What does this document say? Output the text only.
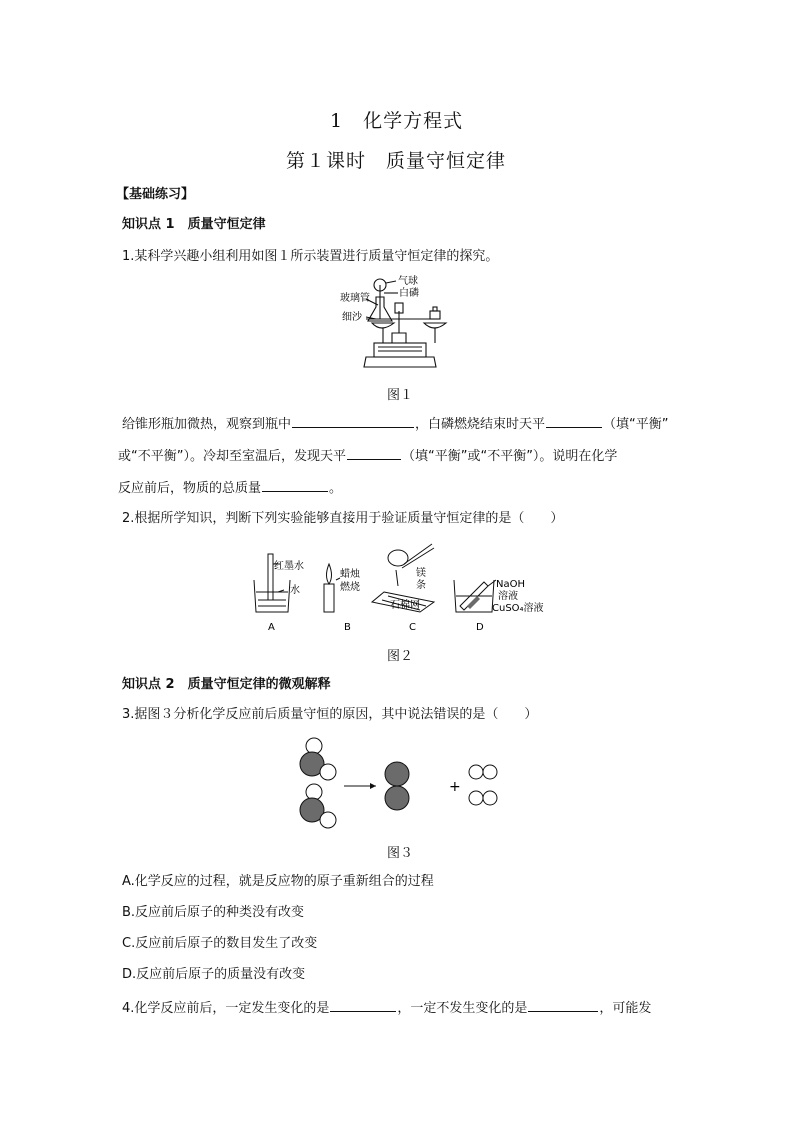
1　化学方程式
第１课时　质量守恒定律
【基础练习】
知识点 1　质量守恒定律
1.某科学兴趣小组利用如图１所示装置进行质量守恒定律的探究。
气球
白磷
玻璃管
细沙
图１
给锥形瓶加微热，观察到瓶中	，白磷燃烧结束时天平	（填“平衡”
或“不平衡”）。冷却至室温后，发现天平	（填“平衡”或“不平衡”）。说明在化学
反应前后，物质的总质量	。
2.根据所学知识，判断下列实验能够直接用于验证质量守恒定律的是（　　）
红墨水
水
A
蜡烛
燃烧
B
镁
条
石棉网
C
NaOH
溶液
CuSO₄溶液
D
图２
知识点 2　质量守恒定律的微观解释
3.据图３分析化学反应前后质量守恒的原因，其中说法错误的是（　　）
+
图３
A.化学反应的过程，就是反应物的原子重新组合的过程
B.反应前后原子的种类没有改变
C.反应前后原子的数目发生了改变
D.反应前后原子的质量没有改变
4.化学反应前后，一定发生变化的是	，一定不发生变化的是	，可能发
